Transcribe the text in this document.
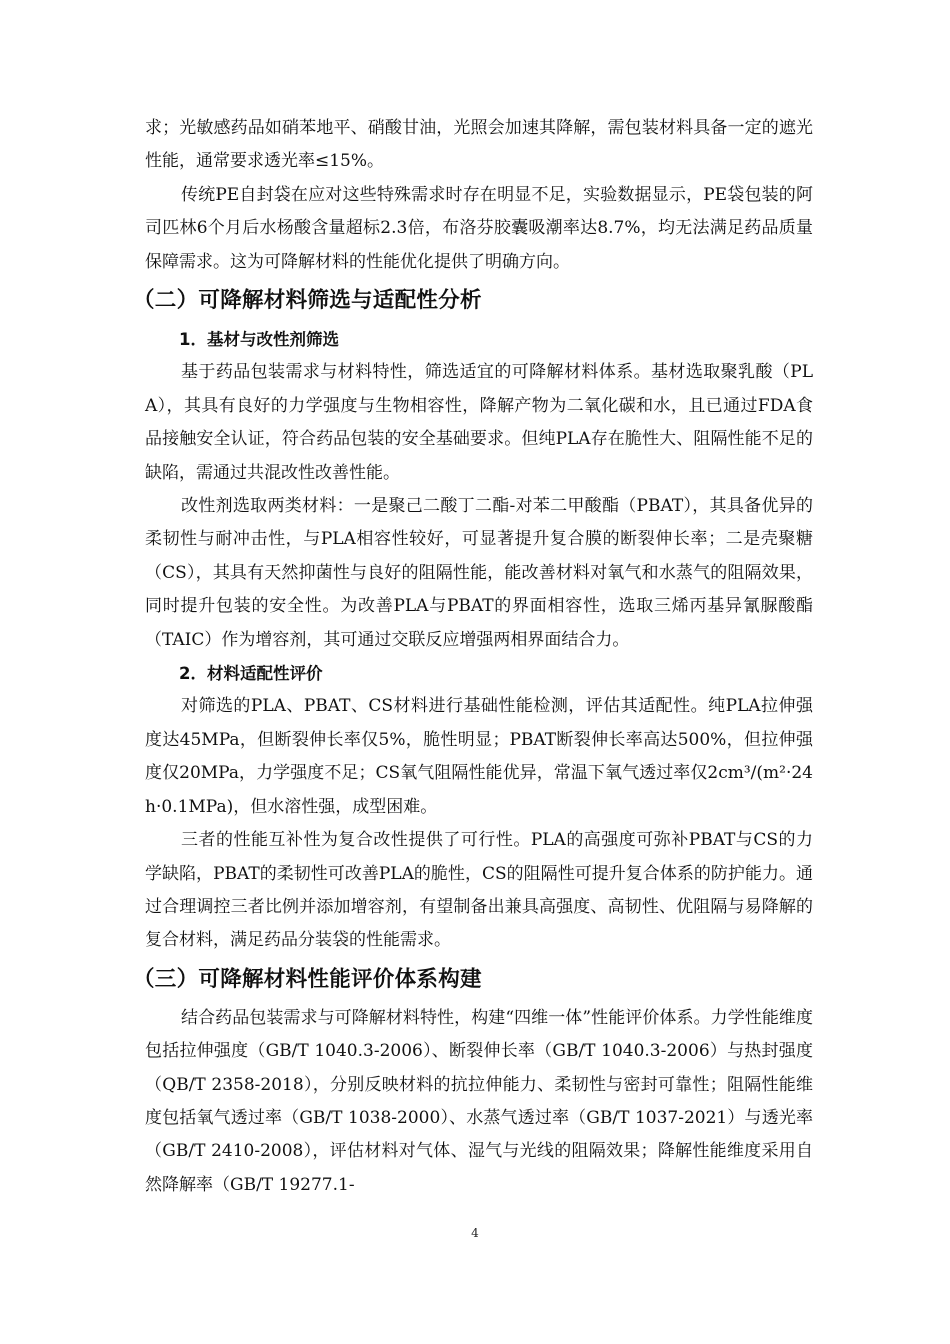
求；光敏感药品如硝苯地平、硝酸甘油，光照会加速其降解，需包装材料具备一定的遮光性能，通常要求透光率≤15%。

传统PE自封袋在应对这些特殊需求时存在明显不足，实验数据显示，PE袋包装的阿司匹林6个月后水杨酸含量超标2.3倍，布洛芬胶囊吸潮率达8.7%，均无法满足药品质量保障需求。这为可降解材料的性能优化提供了明确方向。

（二）可降解材料筛选与适配性分析
1．基材与改性剂筛选

基于药品包装需求与材料特性，筛选适宜的可降解材料体系。基材选取聚乳酸（PLA），其具有良好的力学强度与生物相容性，降解产物为二氧化碳和水，且已通过FDA食品接触安全认证，符合药品包装的安全基础要求。但纯PLA存在脆性大、阻隔性能不足的缺陷，需通过共混改性改善性能。

改性剂选取两类材料：一是聚己二酸丁二酯-对苯二甲酸酯（PBAT），其具备优异的柔韧性与耐冲击性，与PLA相容性较好，可显著提升复合膜的断裂伸长率；二是壳聚糖（CS），其具有天然抑菌性与良好的阻隔性能，能改善材料对氧气和水蒸气的阻隔效果，同时提升包装的安全性。为改善PLA与PBAT的界面相容性，选取三烯丙基异氰脲酸酯（TAIC）作为增容剂，其可通过交联反应增强两相界面结合力。

2．材料适配性评价

对筛选的PLA、PBAT、CS材料进行基础性能检测，评估其适配性。纯PLA拉伸强度达45MPa，但断裂伸长率仅5%，脆性明显；PBAT断裂伸长率高达500%，但拉伸强度仅20MPa，力学强度不足；CS氧气阻隔性能优异，常温下氧气透过率仅2cm³/(m²·24h·0.1MPa)，但水溶性强，成型困难。

三者的性能互补性为复合改性提供了可行性。PLA的高强度可弥补PBAT与CS的力学缺陷，PBAT的柔韧性可改善PLA的脆性，CS的阻隔性可提升复合体系的防护能力。通过合理调控三者比例并添加增容剂，有望制备出兼具高强度、高韧性、优阻隔与易降解的复合材料，满足药品分装袋的性能需求。

（三）可降解材料性能评价体系构建

结合药品包装需求与可降解材料特性，构建“四维一体”性能评价体系。力学性能维度包括拉伸强度（GB/T 1040.3-2006）、断裂伸长率（GB/T 1040.3-2006）与热封强度（QB/T 2358-2018），分别反映材料的抗拉伸能力、柔韧性与密封可靠性；阻隔性能维度包括氧气透过率（GB/T 1038-2000）、水蒸气透过率（GB/T 1037-2021）与透光率（GB/T 2410-2008），评估材料对气体、湿气与光线的阻隔效果；降解性能维度采用自然降解率（GB/T 19277.1-

4
